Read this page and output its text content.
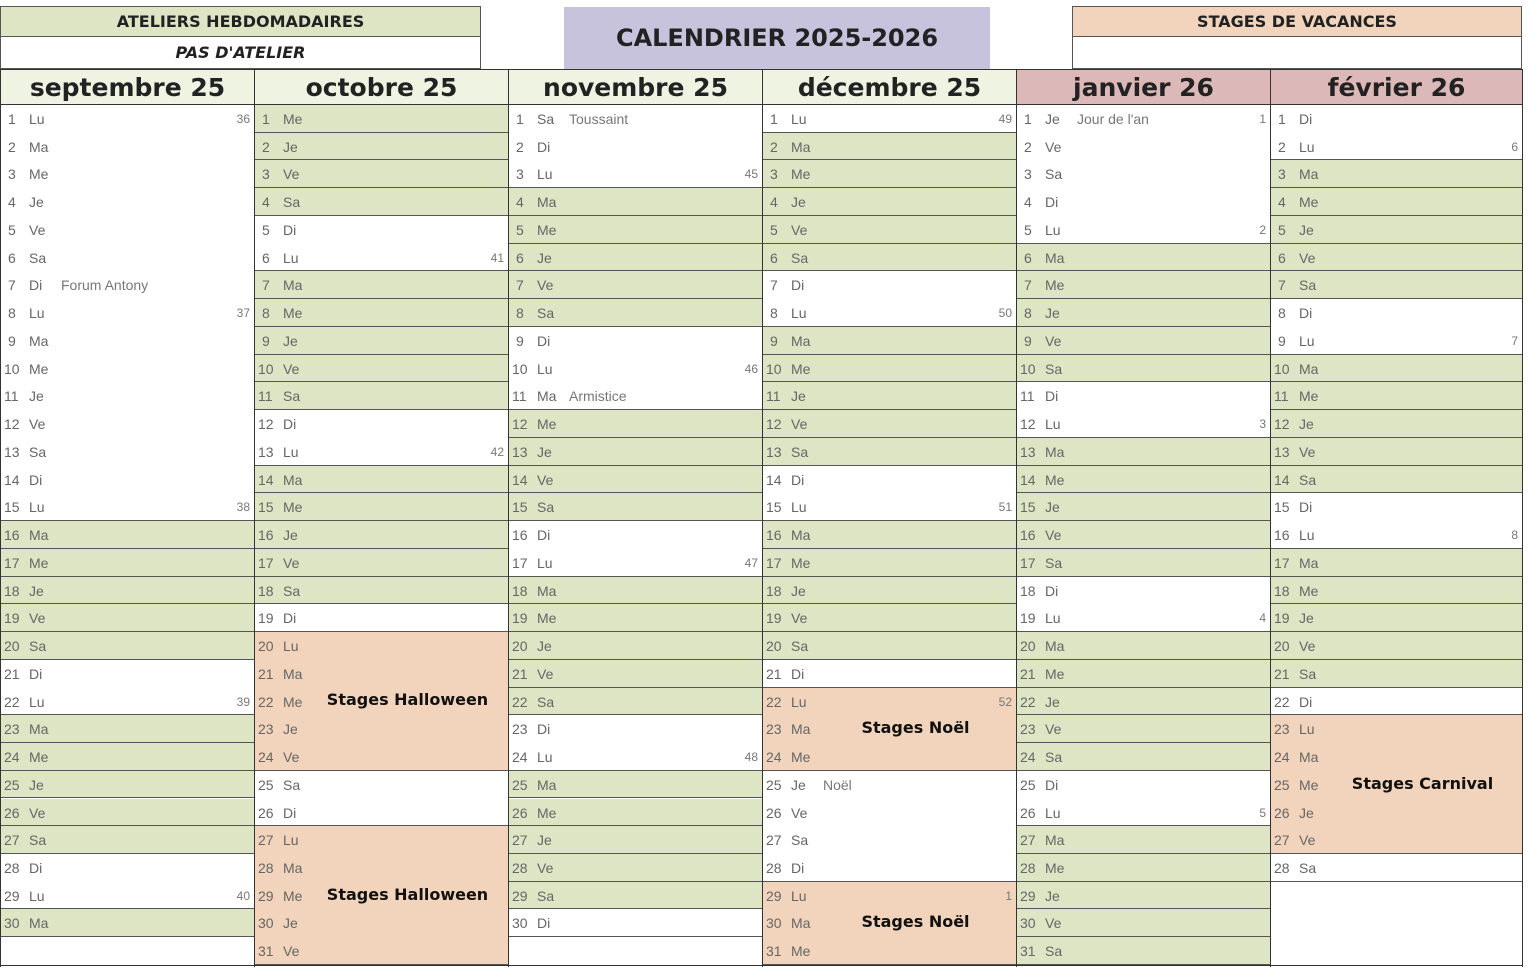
ATELIERS HEBDOMADAIRES
PAS D'ATELIER
CALENDRIER 2025-2026
STAGES DE VACANCES
septembre 25
1 Lu	36
2 Ma
3 Me
4 Je
5 Ve
6 Sa
7 Di Forum Antony
8 Lu	37
9 Ma
10 Me
11 Je
12 Ve
13 Sa
14 Di
15 Lu	38
16 Ma
17 Me
18 Je
19 Ve
20 Sa
21 Di
22 Lu	39
23 Ma
24 Me
25 Je
26 Ve
27 Sa
28 Di
29 Lu	40
30 Ma
octobre 25
1 Me
2 Je
3 Ve
4 Sa
5 Di
6 Lu	41
7 Ma
8 Me
9 Je
10 Ve
11 Sa
12 Di
13 Lu	42
14 Ma
15 Me
16 Je
17 Ve
18 Sa
19 Di
20 Lu
21 Ma
22 Me
23 Je
24 Ve
25 Sa
26 Di
27 Lu
28 Ma
29 Me
30 Je
31 Ve
Stages Halloween
Stages Halloween
novembre 25
1 Sa Toussaint
2 Di
3 Lu	45
4 Ma
5 Me
6 Je
7 Ve
8 Sa
9 Di
10 Lu	46
11 Ma Armistice
12 Me
13 Je
14 Ve
15 Sa
16 Di
17 Lu	47
18 Ma
19 Me
20 Je
21 Ve
22 Sa
23 Di
24 Lu	48
25 Ma
26 Me
27 Je
28 Ve
29 Sa
30 Di
décembre 25
1 Lu	49
2 Ma
3 Me
4 Je
5 Ve
6 Sa
7 Di
8 Lu	50
9 Ma
10 Me
11 Je
12 Ve
13 Sa
14 Di
15 Lu	51
16 Ma
17 Me
18 Je
19 Ve
20 Sa
21 Di
22 Lu	52
23 Ma
24 Me
25 Je Noël
26 Ve
27 Sa
28 Di
29 Lu	1
30 Ma
31 Me
Stages Noël
Stages Noël
janvier 26
1 Je Jour de l'an	1
2 Ve
3 Sa
4 Di
5 Lu	2
6 Ma
7 Me
8 Je
9 Ve
10 Sa
11 Di
12 Lu	3
13 Ma
14 Me
15 Je
16 Ve
17 Sa
18 Di
19 Lu	4
20 Ma
21 Me
22 Je
23 Ve
24 Sa
25 Di
26 Lu	5
27 Ma
28 Me
29 Je
30 Ve
31 Sa
février 26
1 Di
2 Lu	6
3 Ma
4 Me
5 Je
6 Ve
7 Sa
8 Di
9 Lu	7
10 Ma
11 Me
12 Je
13 Ve
14 Sa
15 Di
16 Lu	8
17 Ma
18 Me
19 Je
20 Ve
21 Sa
22 Di
23 Lu
24 Ma
25 Me
26 Je
27 Ve
28 Sa
Stages Carnival
